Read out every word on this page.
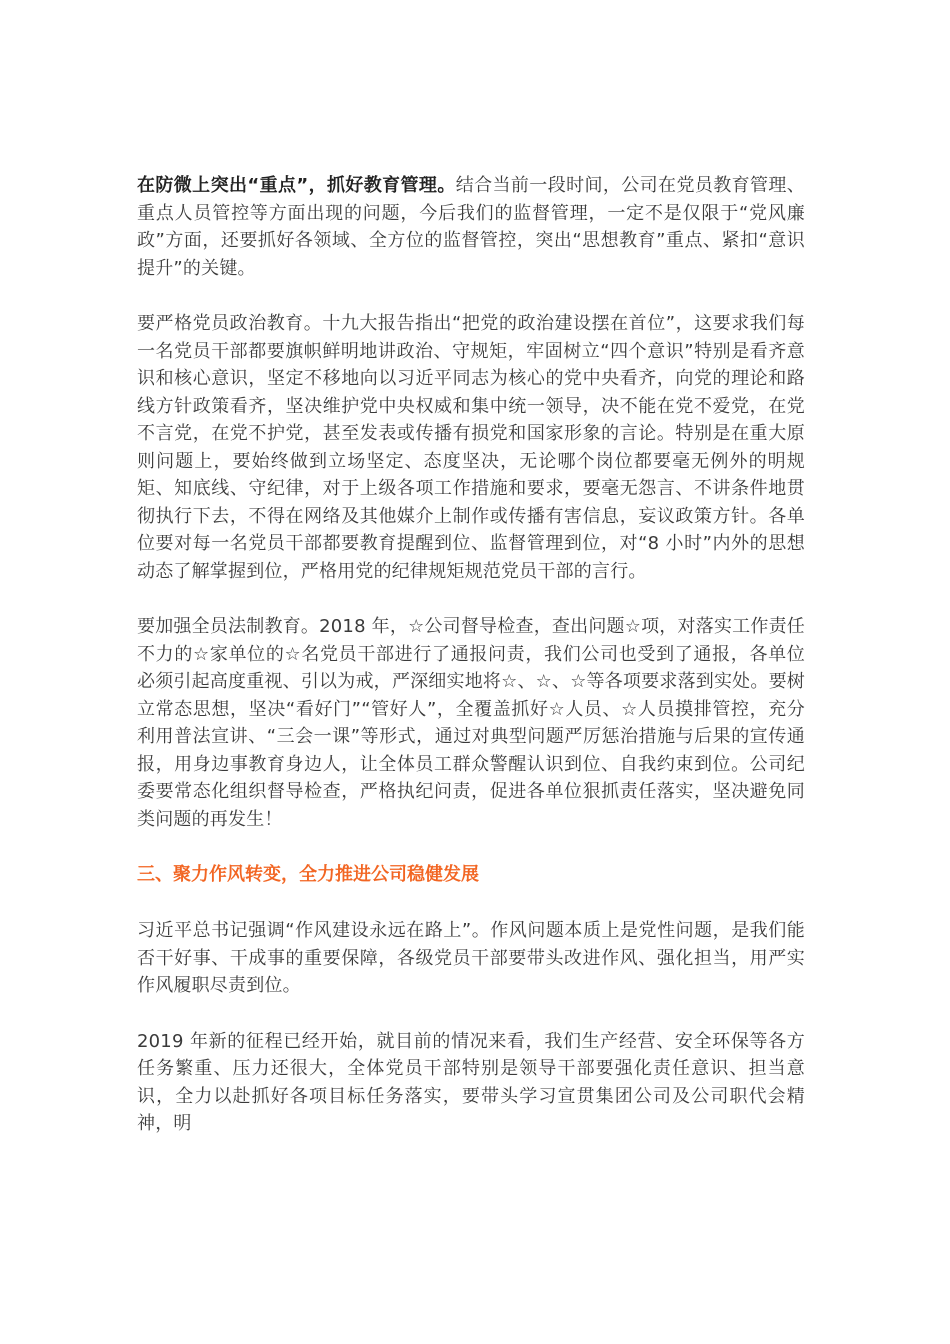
在防微上突出“重点”，抓好教育管理。结合当前一段时间，公司在党员教育管理、重点人员管控等方面出现的问题，今后我们的监督管理，一定不是仅限于“党风廉政”方面，还要抓好各领域、全方位的监督管控，突出“思想教育”重点、紧扣“意识提升”的关键。

要严格党员政治教育。十九大报告指出“把党的政治建设摆在首位”，这要求我们每一名党员干部都要旗帜鲜明地讲政治、守规矩，牢固树立“四个意识”特别是看齐意识和核心意识，坚定不移地向以习近平同志为核心的党中央看齐，向党的理论和路线方针政策看齐，坚决维护党中央权威和集中统一领导，决不能在党不爱党，在党不言党，在党不护党，甚至发表或传播有损党和国家形象的言论。特别是在重大原则问题上，要始终做到立场坚定、态度坚决，无论哪个岗位都要毫无例外的明规矩、知底线、守纪律，对于上级各项工作措施和要求，要毫无怨言、不讲条件地贯彻执行下去，不得在网络及其他媒介上制作或传播有害信息，妄议政策方针。各单位要对每一名党员干部都要教育提醒到位、监督管理到位，对“8 小时”内外的思想动态了解掌握到位，严格用党的纪律规矩规范党员干部的言行。

要加强全员法制教育。2018 年，☆公司督导检查，查出问题☆项，对落实工作责任不力的☆家单位的☆名党员干部进行了通报问责，我们公司也受到了通报，各单位必须引起高度重视、引以为戒，严深细实地将☆、☆、☆等各项要求落到实处。要树立常态思想，坚决“看好门”“管好人”，全覆盖抓好☆人员、☆人员摸排管控，充分利用普法宣讲、“三会一课”等形式，通过对典型问题严厉惩治措施与后果的宣传通报，用身边事教育身边人，让全体员工群众警醒认识到位、自我约束到位。公司纪委要常态化组织督导检查，严格执纪问责，促进各单位狠抓责任落实，坚决避免同类问题的再发生！

三、聚力作风转变，全力推进公司稳健发展

习近平总书记强调“作风建设永远在路上”。作风问题本质上是党性问题，是我们能否干好事、干成事的重要保障，各级党员干部要带头改进作风、强化担当，用严实作风履职尽责到位。

2019 年新的征程已经开始，就目前的情况来看，我们生产经营、安全环保等各方任务繁重、压力还很大，全体党员干部特别是领导干部要强化责任意识、担当意识，全力以赴抓好各项目标任务落实，要带头学习宣贯集团公司及公司职代会精神，明
